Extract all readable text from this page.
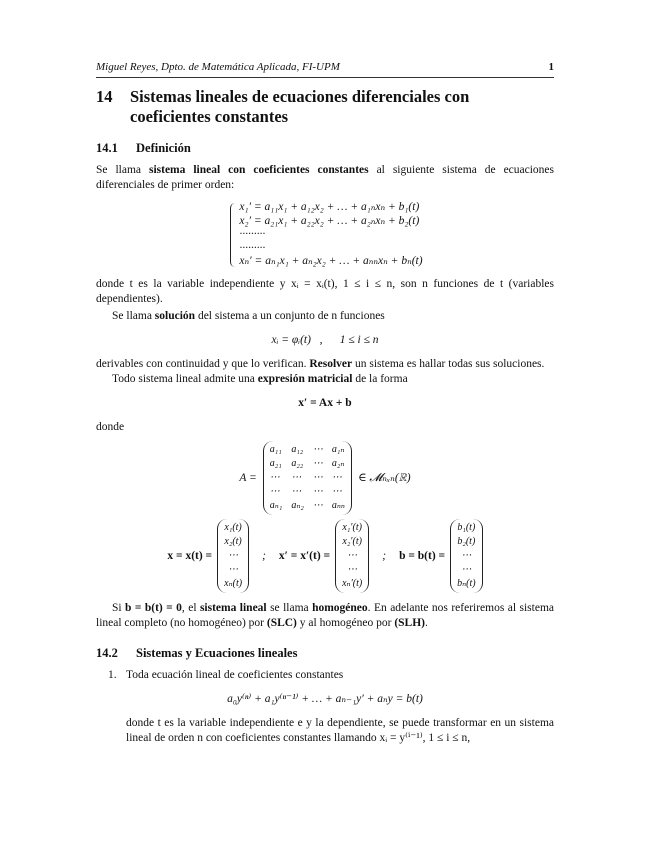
Miguel Reyes, Dpto. de Matemática Aplicada, FI-UPM	1
14	Sistemas lineales de ecuaciones diferenciales con coeficientes constantes
14.1	Definición

Se llama sistema lineal con coeficientes constantes al siguiente sistema de ecuaciones diferenciales de primer orden:

x₁′ = a₁₁x₁ + a₁₂x₂ + … + a₁ₙxₙ + b₁(t)
x₂′ = a₂₁x₁ + a₂₂x₂ + … + a₂ₙxₙ + b₂(t)
·········
·········
xₙ′ = aₙ₁x₁ + aₙ₂x₂ + … + aₙₙxₙ + bₙ(t)

donde t es la variable independiente y xᵢ = xᵢ(t), 1 ≤ i ≤ n, son n funciones de t (variables dependientes).

Se llama solución del sistema a un conjunto de n funciones

xᵢ = φᵢ(t)   ,      1 ≤ i ≤ n

derivables con continuidad y que lo verifican. Resolver un sistema es hallar todas sus soluciones.

Todo sistema lineal admite una expresión matricial de la forma

x′ = Ax + b
donde
A =
a₁₁ a₁₂ ⋯ a₁ₙ
a₂₁ a₂₂ ⋯ a₂ₙ
⋯ ⋯ ⋯ ⋯
⋯ ⋯ ⋯ ⋯
aₙ₁ aₙ₂ ⋯ aₙₙ
∈ 𝓜ₙₓₙ(ℝ)
x = x(t) =
x₁(t)
x₂(t)
⋯
⋯
xₙ(t)
; x′ = x′(t) =
x₁′(t)
x₂′(t)
⋯
⋯
xₙ′(t)
; b = b(t) =
b₁(t)
b₂(t)
⋯
⋯
bₙ(t)

Si b = b(t) = 0, el sistema lineal se llama homogéneo. En adelante nos referiremos al sistema lineal completo (no homogéneo) por (SLC) y al homogéneo por (SLH).

14.2	Sistemas y Ecuaciones lineales
1. Toda ecuación lineal de coeficientes constantes
a₀y⁽ⁿ⁾ + a₁y⁽ⁿ⁻¹⁾ + … + aₙ₋₁y′ + aₙy = b(t)

donde t es la variable independiente e y la dependiente, se puede transformar en un sistema lineal de orden n con coeficientes constantes llamando xᵢ = y⁽ⁱ⁻¹⁾, 1 ≤ i ≤ n,
